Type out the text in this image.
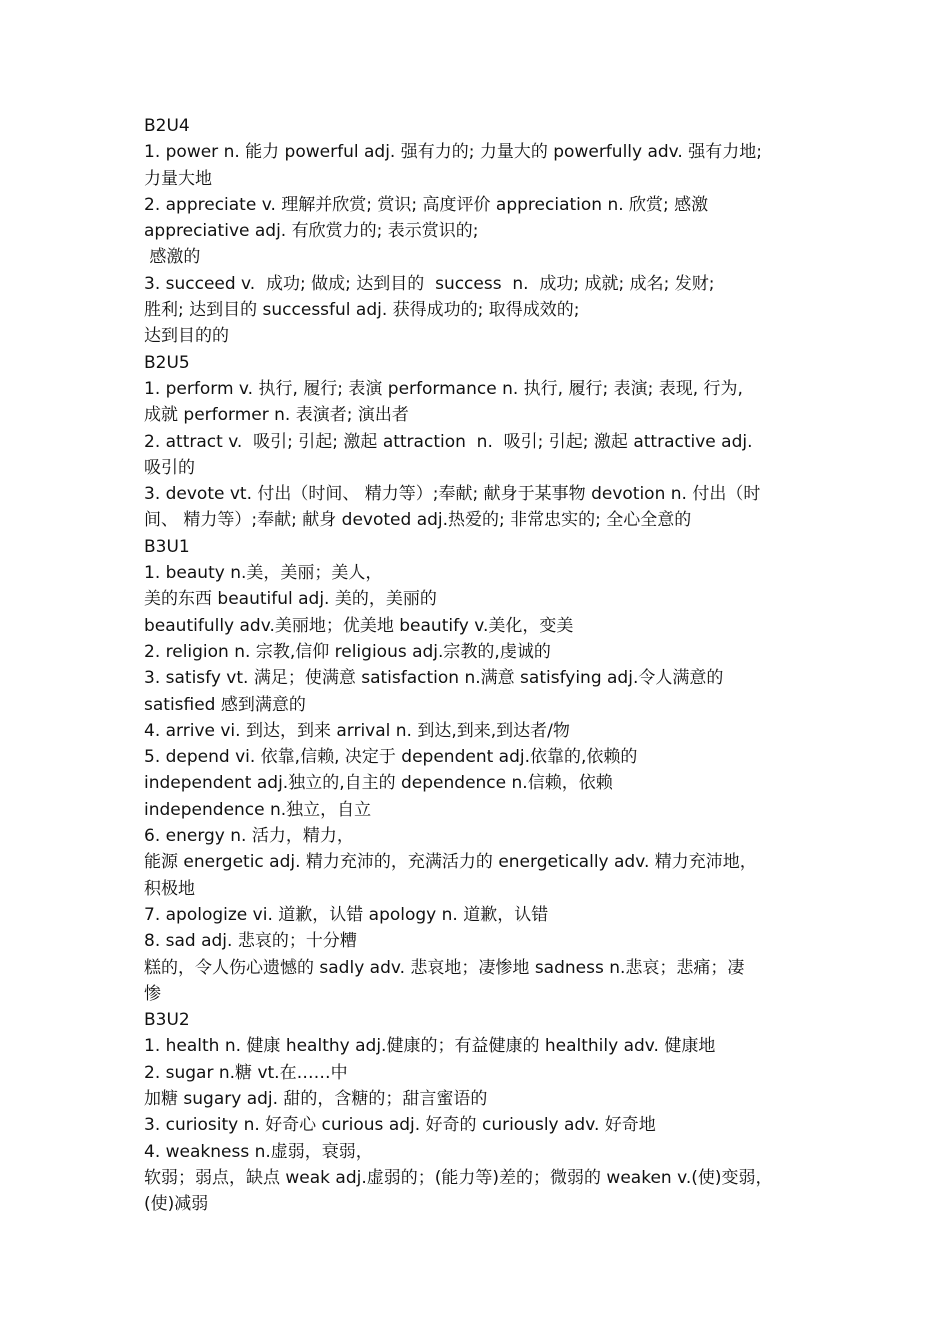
B2U4
1. power n. 能力 powerful adj. 强有力的; 力量大的 powerfully adv. 强有力地;
力量大地
2. appreciate v. 理解并欣赏; 赏识; 高度评价 appreciation n. 欣赏; 感激
appreciative adj. 有欣赏力的; 表示赏识的;
感激的
3. succeed v.  成功; 做成; 达到目的  success  n.  成功; 成就; 成名; 发财;
胜利; 达到目的 successful adj. 获得成功的; 取得成效的;
达到目的的
B2U5
1. perform v. 执行, 履行; 表演 performance n. 执行, 履行; 表演; 表现, 行为,
成就 performer n. 表演者; 演出者
2. attract v.  吸引; 引起; 激起 attraction  n.  吸引; 引起; 激起 attractive adj.
吸引的
3. devote vt. 付出（时间、 精力等）;奉献; 献身于某事物 devotion n. 付出（时
间、 精力等）;奉献; 献身 devoted adj.热爱的; 非常忠实的; 全心全意的
B3U1
1. beauty n.美，美丽；美人，
美的东西 beautiful adj. 美的，美丽的
beautifully adv.美丽地；优美地 beautify v.美化，变美
2. religion n. 宗教,信仰 religious adj.宗教的,虔诚的
3. satisfy vt. 满足；使满意 satisfaction n.满意 satisfying adj.令人满意的
satisfied 感到满意的
4. arrive vi. 到达，到来 arrival n. 到达,到来,到达者/物
5. depend vi. 依靠,信赖, 决定于 dependent adj.依靠的,依赖的
independent adj.独立的,自主的 dependence n.信赖，依赖
independence n.独立，自立
6. energy n. 活力，精力，
能源 energetic adj. 精力充沛的，充满活力的 energetically adv. 精力充沛地，
积极地
7. apologize vi. 道歉，认错 apology n. 道歉，认错
8. sad adj. 悲哀的；十分糟
糕的，令人伤心遗憾的 sadly adv. 悲哀地；凄惨地 sadness n.悲哀；悲痛；凄
惨
B3U2
1. health n. 健康 healthy adj.健康的；有益健康的 healthily adv. 健康地
2. sugar n.糖 vt.在……中
加糖 sugary adj. 甜的，含糖的；甜言蜜语的
3. curiosity n. 好奇心 curious adj. 好奇的 curiously adv. 好奇地
4. weakness n.虚弱，衰弱，
软弱；弱点，缺点 weak adj.虚弱的；(能力等)差的；微弱的 weaken v.(使)变弱，
(使)减弱
